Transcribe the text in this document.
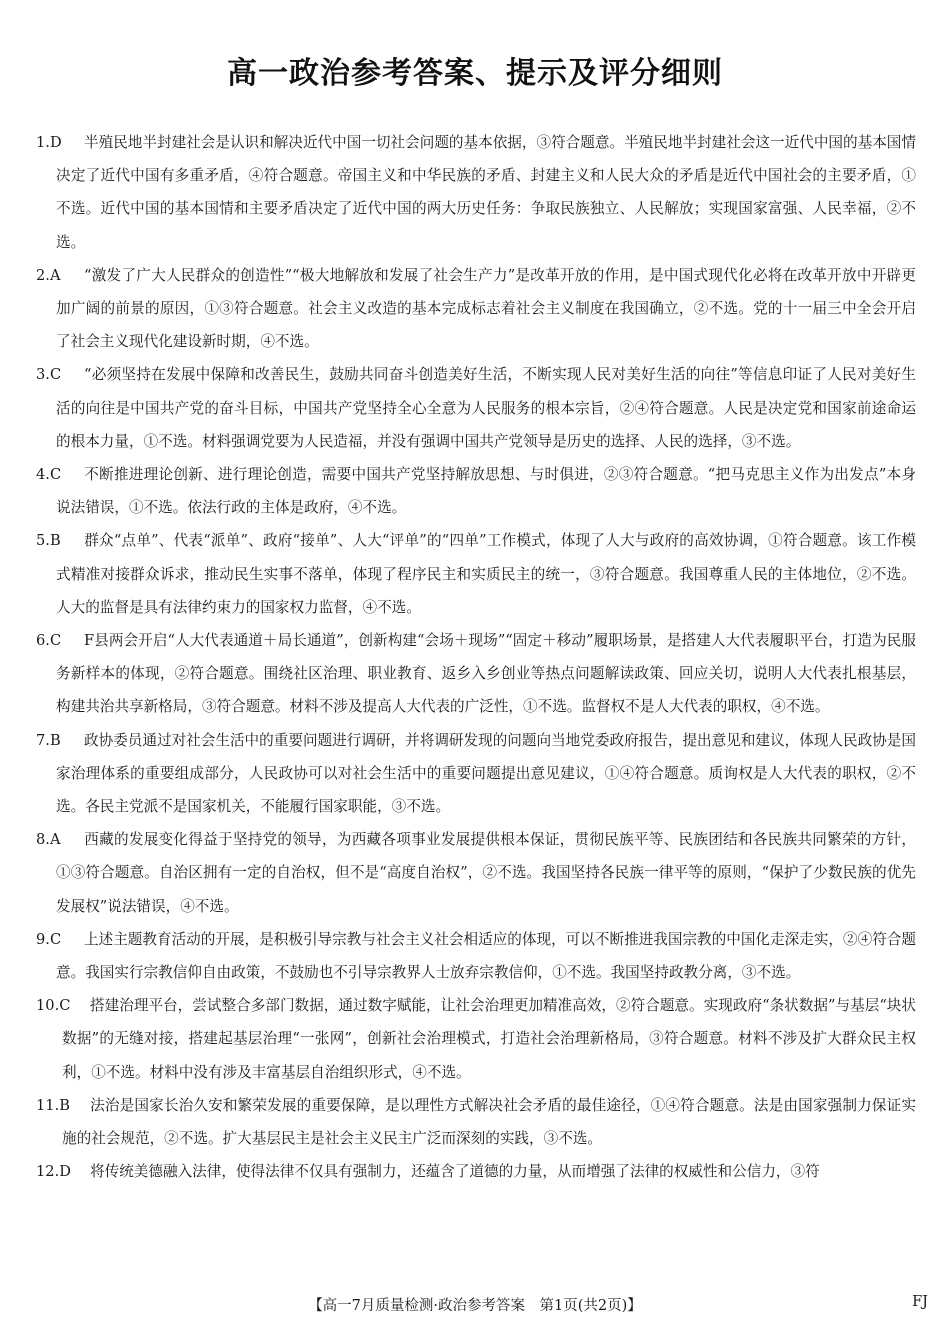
高一政治参考答案、提示及评分细则
1.D 半殖民地半封建社会是认识和解决近代中国一切社会问题的基本依据，③符合题意。半殖民地半封建社会这一近代中国的基本国情决定了近代中国有多重矛盾，④符合题意。帝国主义和中华民族的矛盾、封建主义和人民大众的矛盾是近代中国社会的主要矛盾，①不选。近代中国的基本国情和主要矛盾决定了近代中国的两大历史任务：争取民族独立、人民解放；实现国家富强、人民幸福，②不选。
2.A “激发了广大人民群众的创造性”“极大地解放和发展了社会生产力”是改革开放的作用，是中国式现代化必将在改革开放中开辟更加广阔的前景的原因，①③符合题意。社会主义改造的基本完成标志着社会主义制度在我国确立，②不选。党的十一届三中全会开启了社会主义现代化建设新时期，④不选。
3.C “必须坚持在发展中保障和改善民生，鼓励共同奋斗创造美好生活，不断实现人民对美好生活的向往”等信息印证了人民对美好生活的向往是中国共产党的奋斗目标，中国共产党坚持全心全意为人民服务的根本宗旨，②④符合题意。人民是决定党和国家前途命运的根本力量，①不选。材料强调党要为人民造福，并没有强调中国共产党领导是历史的选择、人民的选择，③不选。
4.C 不断推进理论创新、进行理论创造，需要中国共产党坚持解放思想、与时俱进，②③符合题意。“把马克思主义作为出发点”本身说法错误，①不选。依法行政的主体是政府，④不选。
5.B 群众“点单”、代表“派单”、政府“接单”、人大“评单”的“四单”工作模式，体现了人大与政府的高效协调，①符合题意。该工作模式精准对接群众诉求，推动民生实事不落单，体现了程序民主和实质民主的统一，③符合题意。我国尊重人民的主体地位，②不选。人大的监督是具有法律约束力的国家权力监督，④不选。
6.C F县两会开启“人大代表通道＋局长通道”，创新构建“会场＋现场”“固定＋移动”履职场景，是搭建人大代表履职平台，打造为民服务新样本的体现，②符合题意。围绕社区治理、职业教育、返乡入乡创业等热点问题解读政策、回应关切，说明人大代表扎根基层，构建共治共享新格局，③符合题意。材料不涉及提高人大代表的广泛性，①不选。监督权不是人大代表的职权，④不选。
7.B 政协委员通过对社会生活中的重要问题进行调研，并将调研发现的问题向当地党委政府报告，提出意见和建议，体现人民政协是国家治理体系的重要组成部分，人民政协可以对社会生活中的重要问题提出意见建议，①④符合题意。质询权是人大代表的职权，②不选。各民主党派不是国家机关，不能履行国家职能，③不选。
8.A 西藏的发展变化得益于坚持党的领导，为西藏各项事业发展提供根本保证，贯彻民族平等、民族团结和各民族共同繁荣的方针，①③符合题意。自治区拥有一定的自治权，但不是“高度自治权”，②不选。我国坚持各民族一律平等的原则，“保护了少数民族的优先发展权”说法错误，④不选。
9.C 上述主题教育活动的开展，是积极引导宗教与社会主义社会相适应的体现，可以不断推进我国宗教的中国化走深走实，②④符合题意。我国实行宗教信仰自由政策，不鼓励也不引导宗教界人士放弃宗教信仰，①不选。我国坚持政教分离，③不选。
10.C 搭建治理平台，尝试整合多部门数据，通过数字赋能，让社会治理更加精准高效，②符合题意。实现政府“条状数据”与基层“块状数据”的无缝对接，搭建起基层治理“一张网”，创新社会治理模式，打造社会治理新格局，③符合题意。材料不涉及扩大群众民主权利，①不选。材料中没有涉及丰富基层自治组织形式，④不选。
11.B 法治是国家长治久安和繁荣发展的重要保障，是以理性方式解决社会矛盾的最佳途径，①④符合题意。法是由国家强制力保证实施的社会规范，②不选。扩大基层民主是社会主义民主广泛而深刻的实践，③不选。
12.D 将传统美德融入法律，使得法律不仅具有强制力，还蕴含了道德的力量，从而增强了法律的权威性和公信力，③符
【高一7月质量检测·政治参考答案　第1页(共2页)】	FJ
